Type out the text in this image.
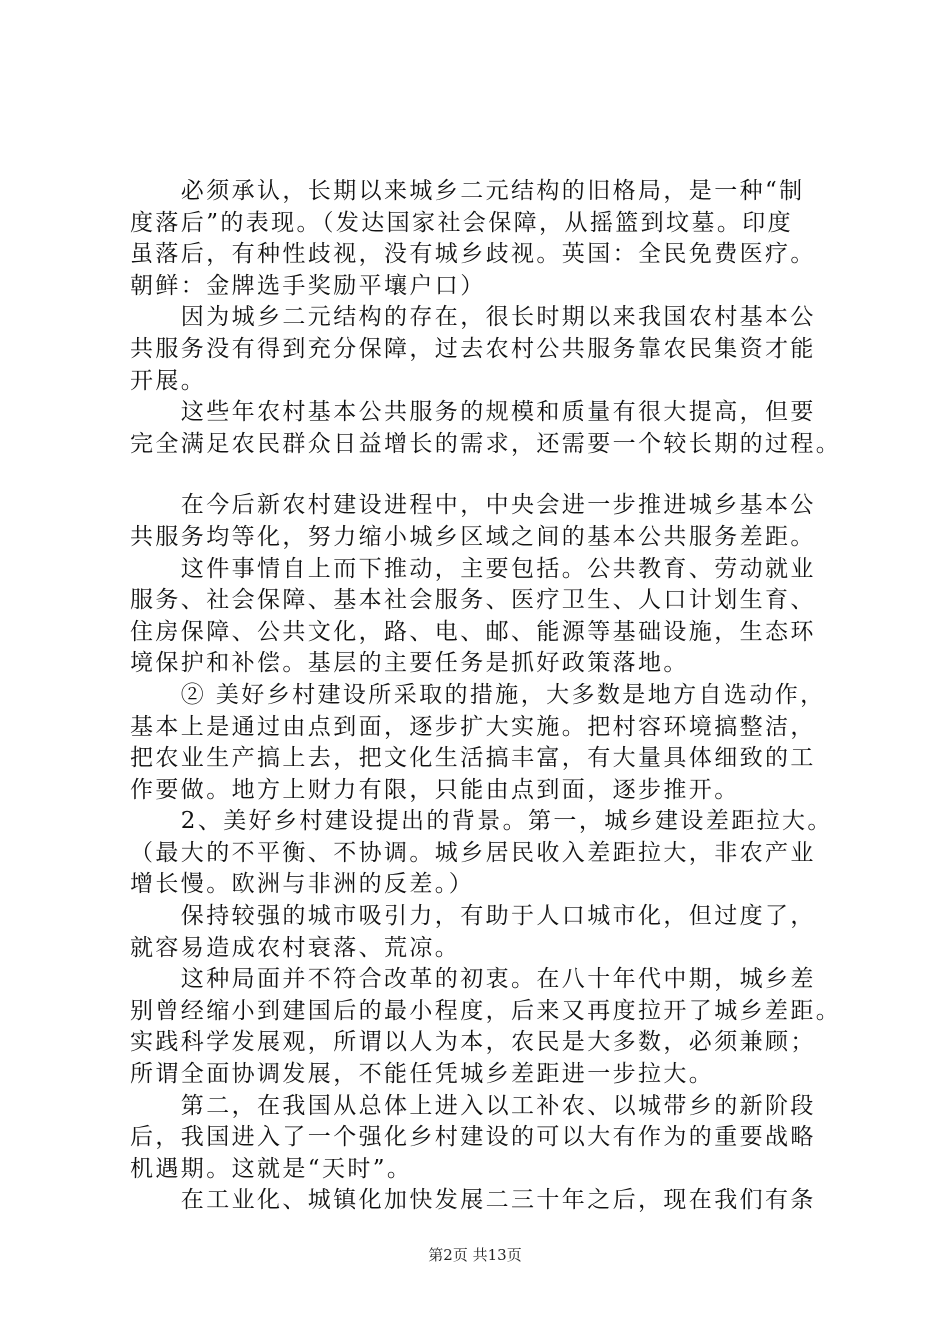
　　必须承认，长期以来城乡二元结构的旧格局，是一种“制
度落后”的表现。（发达国家社会保障，从摇篮到坟墓。印度
虽落后，有种性歧视，没有城乡歧视。英国：全民免费医疗。
朝鲜：金牌选手奖励平壤户口）
　　因为城乡二元结构的存在，很长时期以来我国农村基本公
共服务没有得到充分保障，过去农村公共服务靠农民集资才能
开展。
　　这些年农村基本公共服务的规模和质量有很大提高，但要
完全满足农民群众日益增长的需求，还需要一个较长期的过程。
　　在今后新农村建设进程中，中央会进一步推进城乡基本公
共服务均等化，努力缩小城乡区域之间的基本公共服务差距。
　　这件事情自上而下推动，主要包括。公共教育、劳动就业
服务、社会保障、基本社会服务、医疗卫生、人口计划生育、
住房保障、公共文化，路、电、邮、能源等基础设施，生态环
境保护和补偿。基层的主要任务是抓好政策落地。
　　② 美好乡村建设所采取的措施，大多数是地方自选动作，
基本上是通过由点到面，逐步扩大实施。把村容环境搞整洁，
把农业生产搞上去，把文化生活搞丰富，有大量具体细致的工
作要做。地方上财力有限，只能由点到面，逐步推开。
　　2、美好乡村建设提出的背景。第一，城乡建设差距拉大。
（最大的不平衡、不协调。城乡居民收入差距拉大，非农产业
增长慢。欧洲与非洲的反差。）
　　保持较强的城市吸引力，有助于人口城市化，但过度了，
就容易造成农村衰落、荒凉。
　　这种局面并不符合改革的初衷。在八十年代中期，城乡差
别曾经缩小到建国后的最小程度，后来又再度拉开了城乡差距。
实践科学发展观，所谓以人为本，农民是大多数，必须兼顾；
所谓全面协调发展，不能任凭城乡差距进一步拉大。
　　第二，在我国从总体上进入以工补农、以城带乡的新阶段
后，我国进入了一个强化乡村建设的可以大有作为的重要战略
机遇期。这就是“天时”。
　　在工业化、城镇化加快发展二三十年之后，现在我们有条
第2页 共13页
